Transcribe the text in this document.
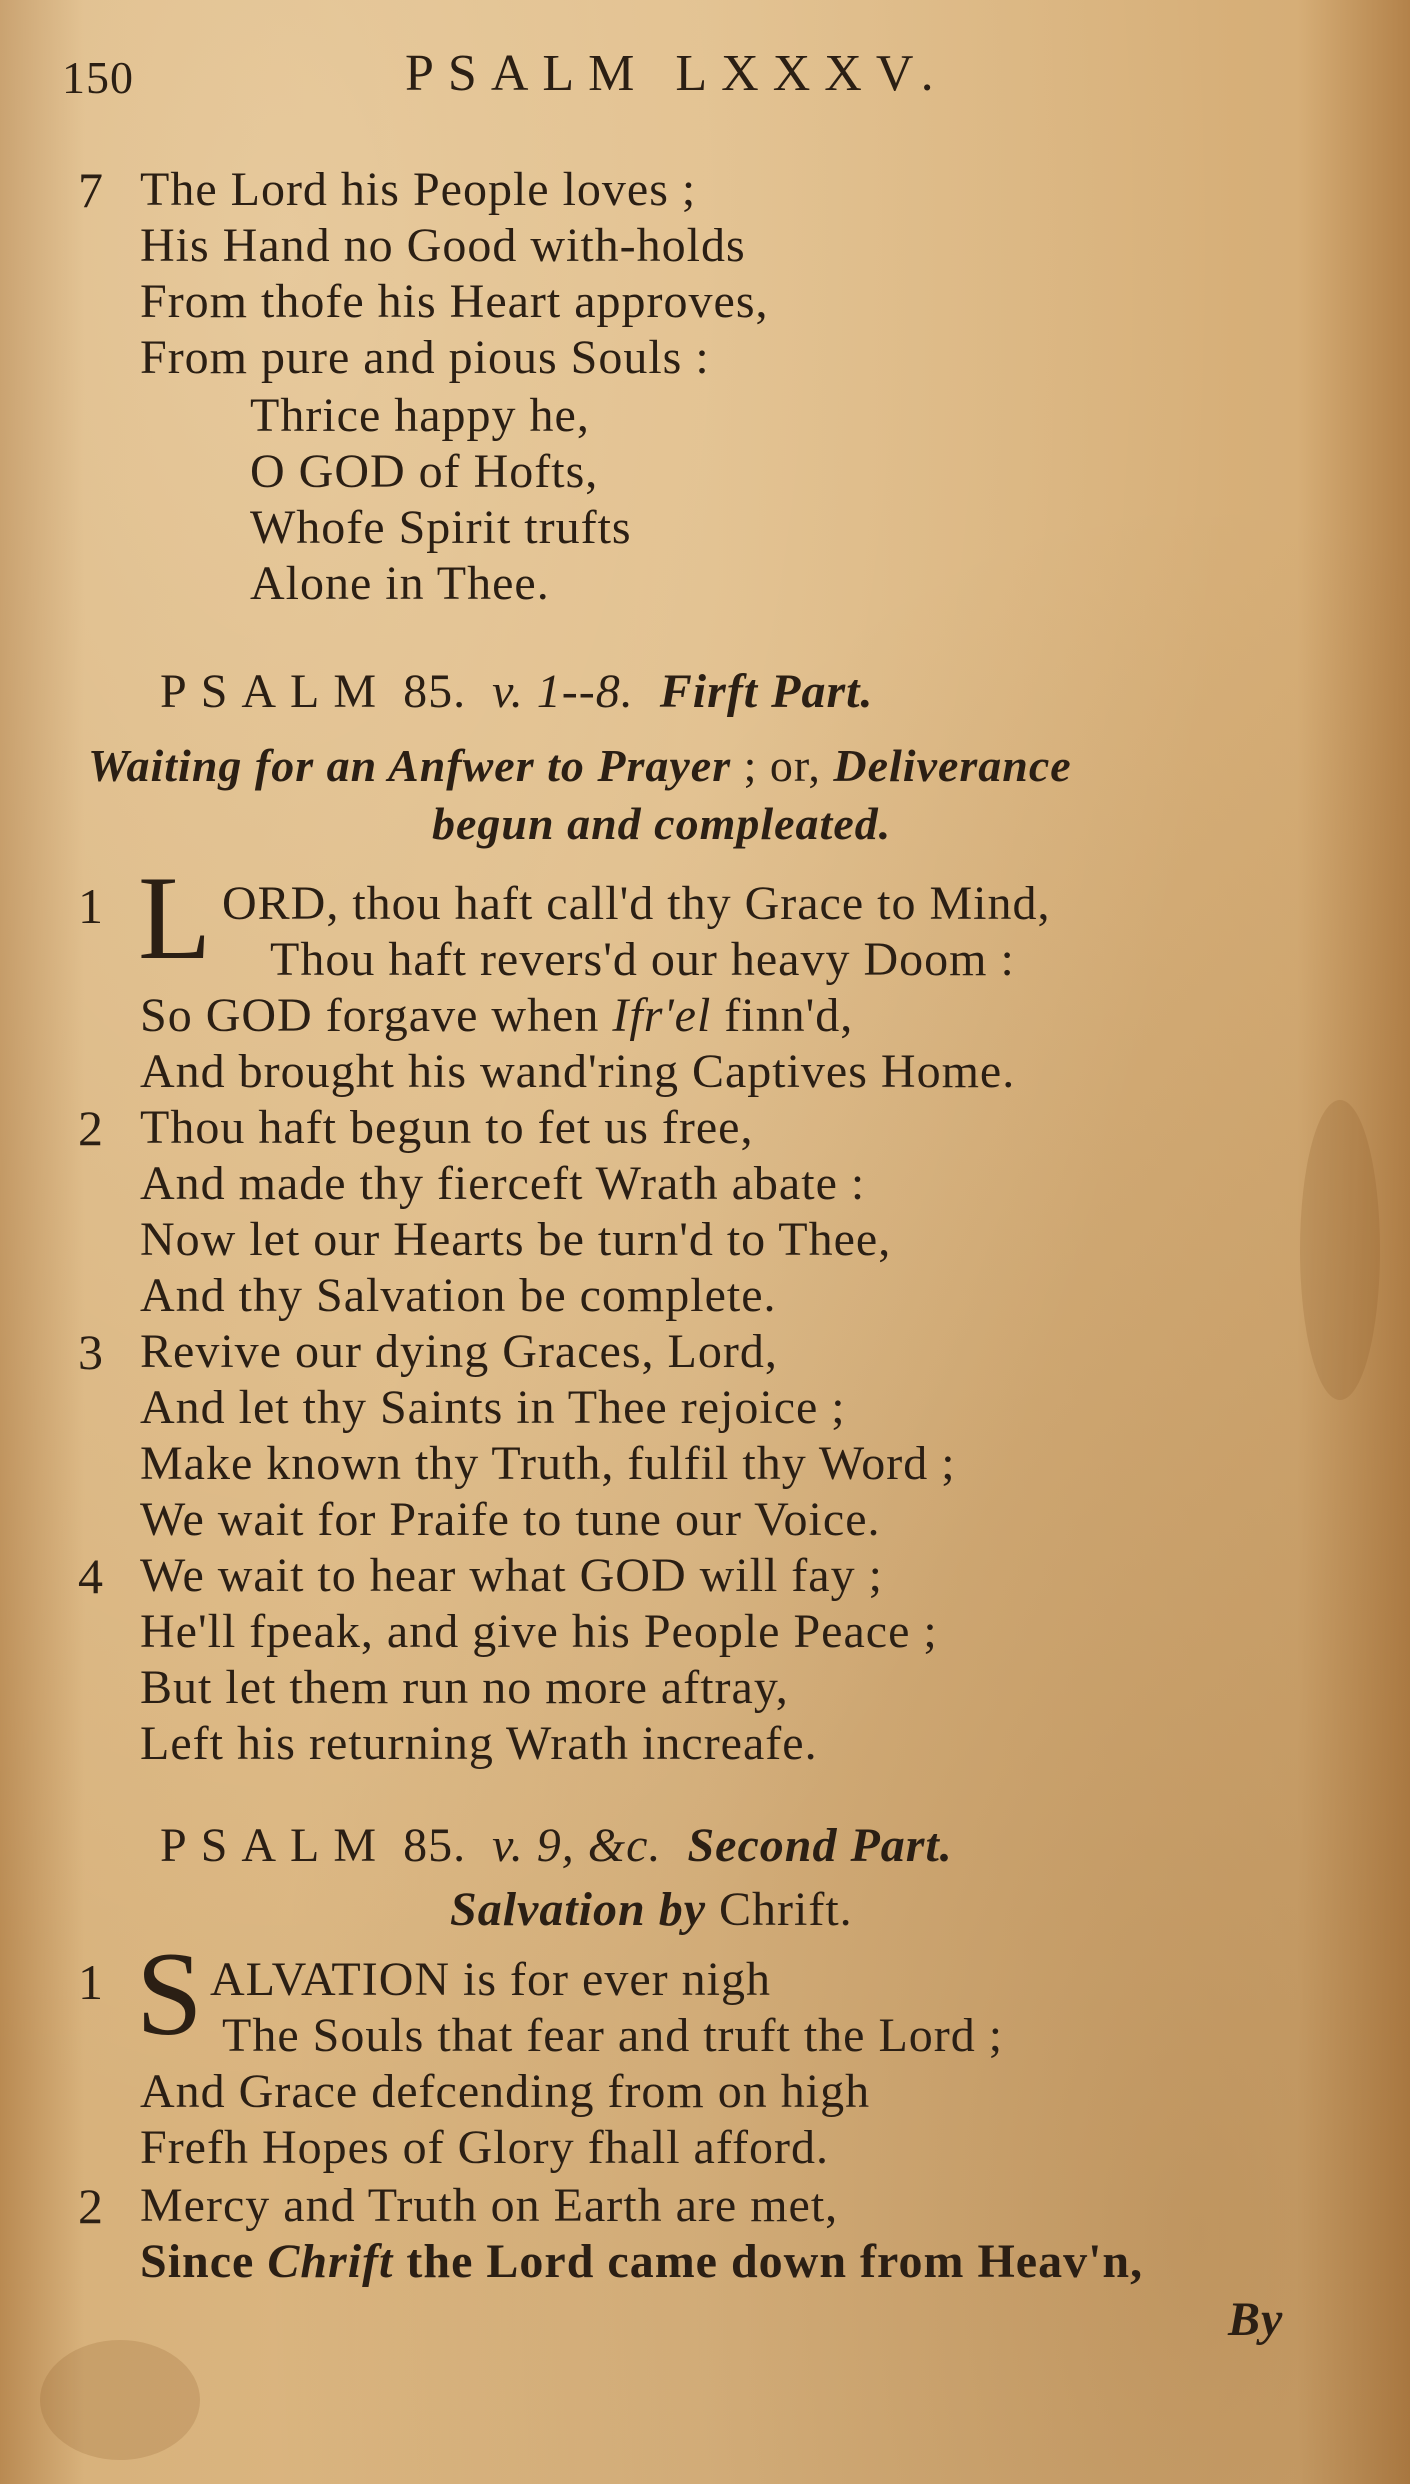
150	PSALM LXXXV.
7 The Lord his People loves ;
His Hand no Good with-holds
From thofe his Heart approves,
From pure and pious Souls :
Thrice happy he,
O GOD of Hofts,
Whofe Spirit trufts
Alone in Thee.
PSALM 85. v. 1--8. Firft Part.
Waiting for an Anfwer to Prayer ; or, Deliverance
begun and compleated.
1 L ORD, thou haft call'd thy Grace to Mind,
Thou haft revers'd our heavy Doom :
So GOD forgave when Ifr'el finn'd,
And brought his wand'ring Captives Home.
2 Thou haft begun to fet us free,
And made thy fierceft Wrath abate :
Now let our Hearts be turn'd to Thee,
And thy Salvation be complete.
3 Revive our dying Graces, Lord,
And let thy Saints in Thee rejoice ;
Make known thy Truth, fulfil thy Word ;
We wait for Praife to tune our Voice.
4 We wait to hear what GOD will fay ;
He'll fpeak, and give his People Peace ;
But let them run no more aftray,
Left his returning Wrath increafe.
PSALM 85. v. 9, &c. Second Part.
Salvation by Chrift.
1 S ALVATION is for ever nigh
The Souls that fear and truft the Lord ;
And Grace defcending from on high
Frefh Hopes of Glory fhall afford.
2 Mercy and Truth on Earth are met,
Since Chrift the Lord came down from Heav'n,
By
